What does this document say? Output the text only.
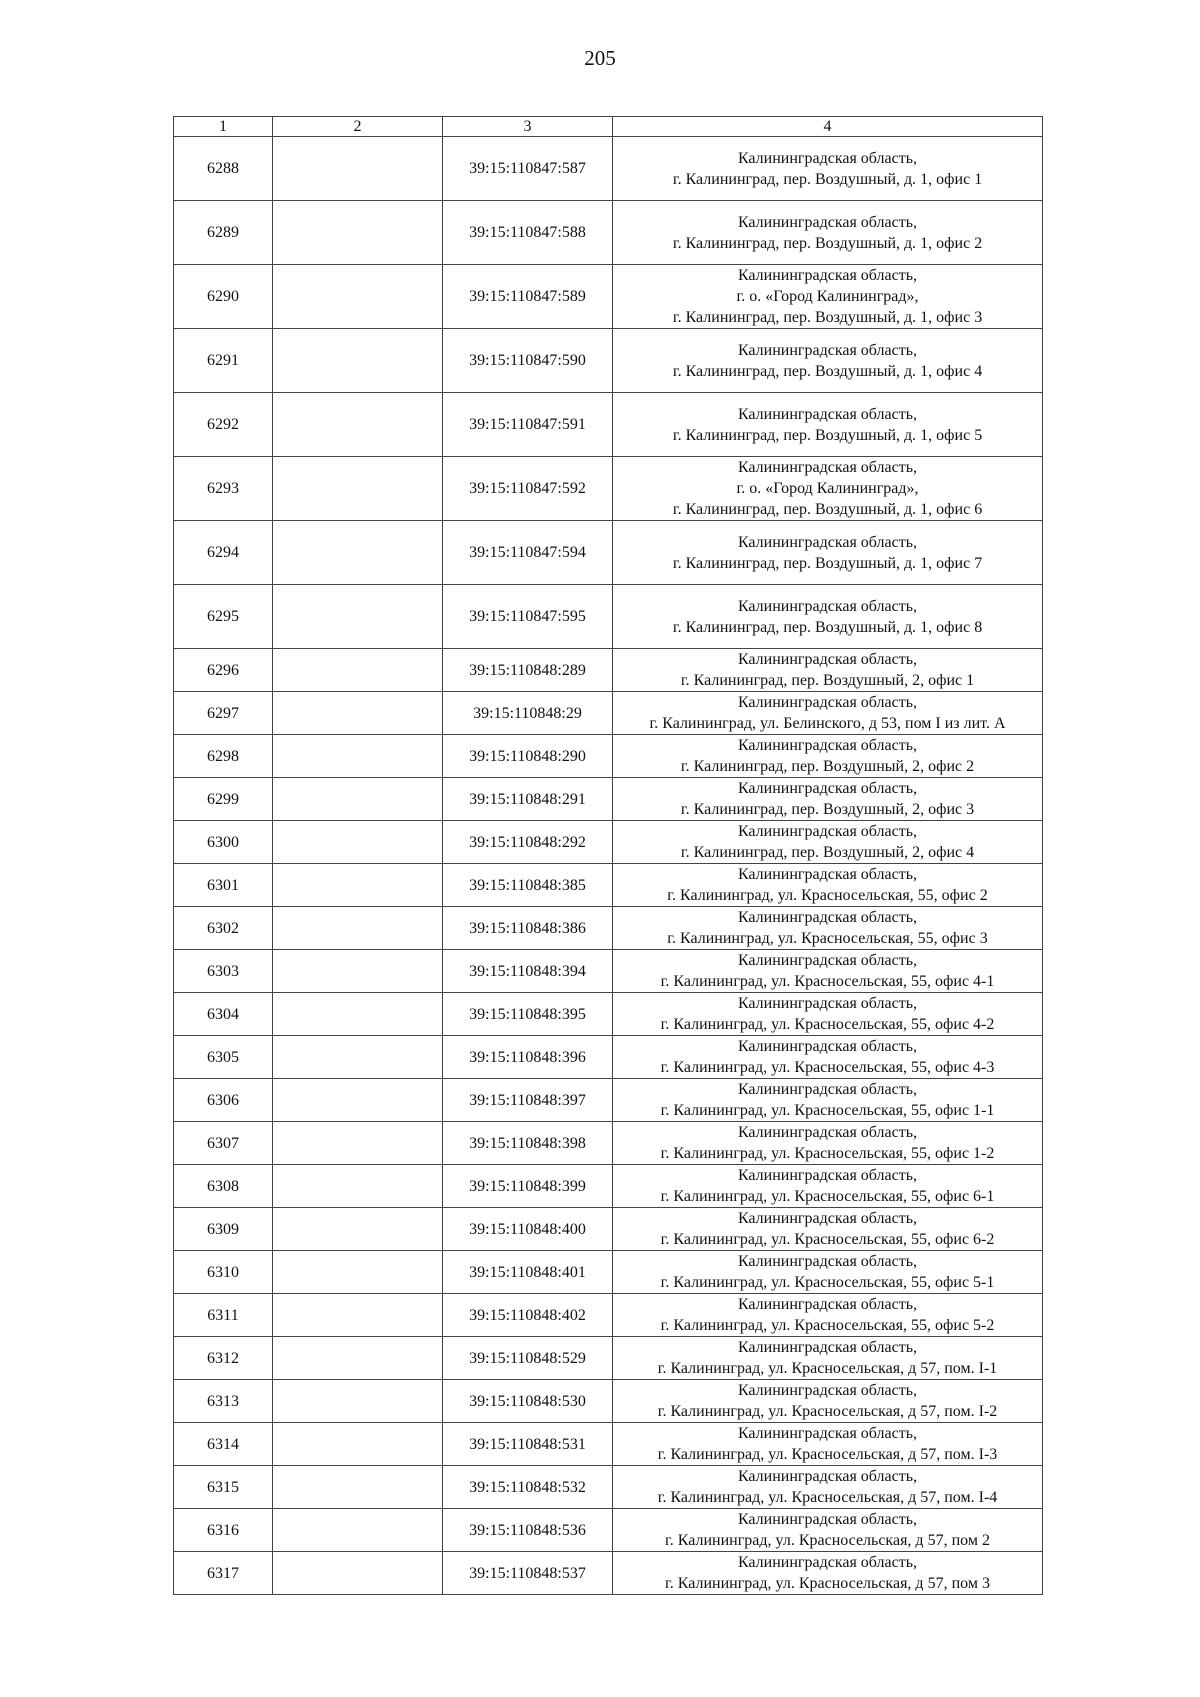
205
1	2	3	4
6288		39:15:110847:587	Калининградская область,
г. Калининград, пер. Воздушный, д. 1, офис 1

6289		39:15:110847:588	Калининградская область,
г. Калининград, пер. Воздушный, д. 1, офис 2

6290		39:15:110847:589	Калининградская область,
г. о. «Город Калининград»,
г. Калининград, пер. Воздушный, д. 1, офис 3

6291		39:15:110847:590	Калининградская область,
г. Калининград, пер. Воздушный, д. 1, офис 4

6292		39:15:110847:591	Калининградская область,
г. Калининград, пер. Воздушный, д. 1, офис 5

6293		39:15:110847:592	Калининградская область,
г. о. «Город Калининград»,
г. Калининград, пер. Воздушный, д. 1, офис 6

6294		39:15:110847:594	Калининградская область,
г. Калининград, пер. Воздушный, д. 1, офис 7

6295		39:15:110847:595	Калининградская область,
г. Калининград, пер. Воздушный, д. 1, офис 8

6296		39:15:110848:289	Калининградская область,
г. Калининград, пер. Воздушный, 2, офис 1

6297		39:15:110848:29	Калининградская область,
г. Калининград, ул. Белинского, д 53, пом I из лит. А

6298		39:15:110848:290	Калининградская область,
г. Калининград, пер. Воздушный, 2, офис 2

6299		39:15:110848:291	Калининградская область,
г. Калининград, пер. Воздушный, 2, офис 3

6300		39:15:110848:292	Калининградская область,
г. Калининград, пер. Воздушный, 2, офис 4

6301		39:15:110848:385	Калининградская область,
г. Калининград, ул. Красносельская, 55, офис 2

6302		39:15:110848:386	Калининградская область,
г. Калининград, ул. Красносельская, 55, офис 3

6303		39:15:110848:394	Калининградская область,
г. Калининград, ул. Красносельская, 55, офис 4-1

6304		39:15:110848:395	Калининградская область,
г. Калининград, ул. Красносельская, 55, офис 4-2

6305		39:15:110848:396	Калининградская область,
г. Калининград, ул. Красносельская, 55, офис 4-3

6306		39:15:110848:397	Калининградская область,
г. Калининград, ул. Красносельская, 55, офис 1-1

6307		39:15:110848:398	Калининградская область,
г. Калининград, ул. Красносельская, 55, офис 1-2

6308		39:15:110848:399	Калининградская область,
г. Калининград, ул. Красносельская, 55, офис 6-1

6309		39:15:110848:400	Калининградская область,
г. Калининград, ул. Красносельская, 55, офис 6-2

6310		39:15:110848:401	Калининградская область,
г. Калининград, ул. Красносельская, 55, офис 5-1

6311		39:15:110848:402	Калининградская область,
г. Калининград, ул. Красносельская, 55, офис 5-2

6312		39:15:110848:529	Калининградская область,
г. Калининград, ул. Красносельская, д 57, пом. I-1

6313		39:15:110848:530	Калининградская область,
г. Калининград, ул. Красносельская, д 57, пом. I-2

6314		39:15:110848:531	Калининградская область,
г. Калининград, ул. Красносельская, д 57, пом. I-3

6315		39:15:110848:532	Калининградская область,
г. Калининград, ул. Красносельская, д 57, пом. I-4

6316		39:15:110848:536	Калининградская область,
г. Калининград, ул. Красносельская, д 57, пом 2

6317		39:15:110848:537	Калининградская область,
г. Калининград, ул. Красносельская, д 57, пом 3
